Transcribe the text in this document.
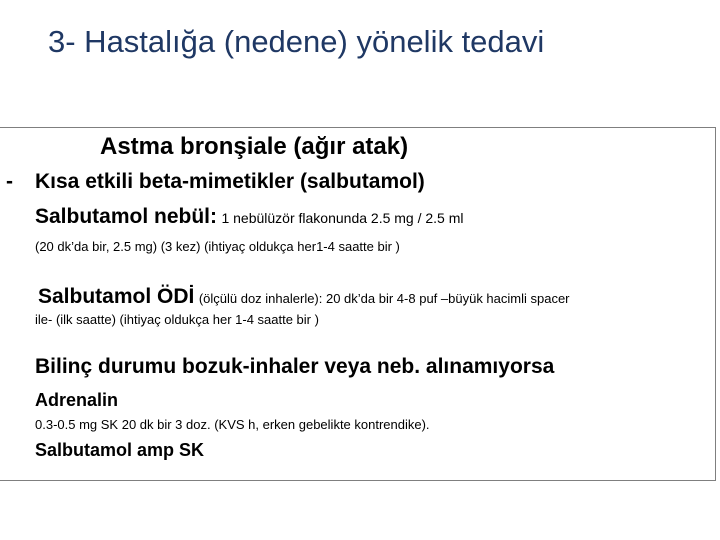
3- Hastalığa (nedene) yönelik tedavi
Astma bronşiale (ağır atak)
- Kısa etkili beta-mimetikler (salbutamol)
Salbutamol nebül: 1 nebülüzör flakonunda 2.5 mg / 2.5 ml
(20 dk’da bir, 2.5 mg) (3 kez) (ihtiyaç oldukça her1-4 saatte bir )
Salbutamol ÖDİ (ölçülü doz inhalerle): 20 dk’da bir 4-8 puf –büyük hacimli spacer
ile- (ilk saatte) (ihtiyaç oldukça her 1-4 saatte bir )
Bilinç durumu bozuk-inhaler veya neb. alınamıyorsa
Adrenalin
0.3-0.5 mg SK 20 dk bir 3 doz. (KVS h, erken gebelikte kontrendike).
Salbutamol amp SK
